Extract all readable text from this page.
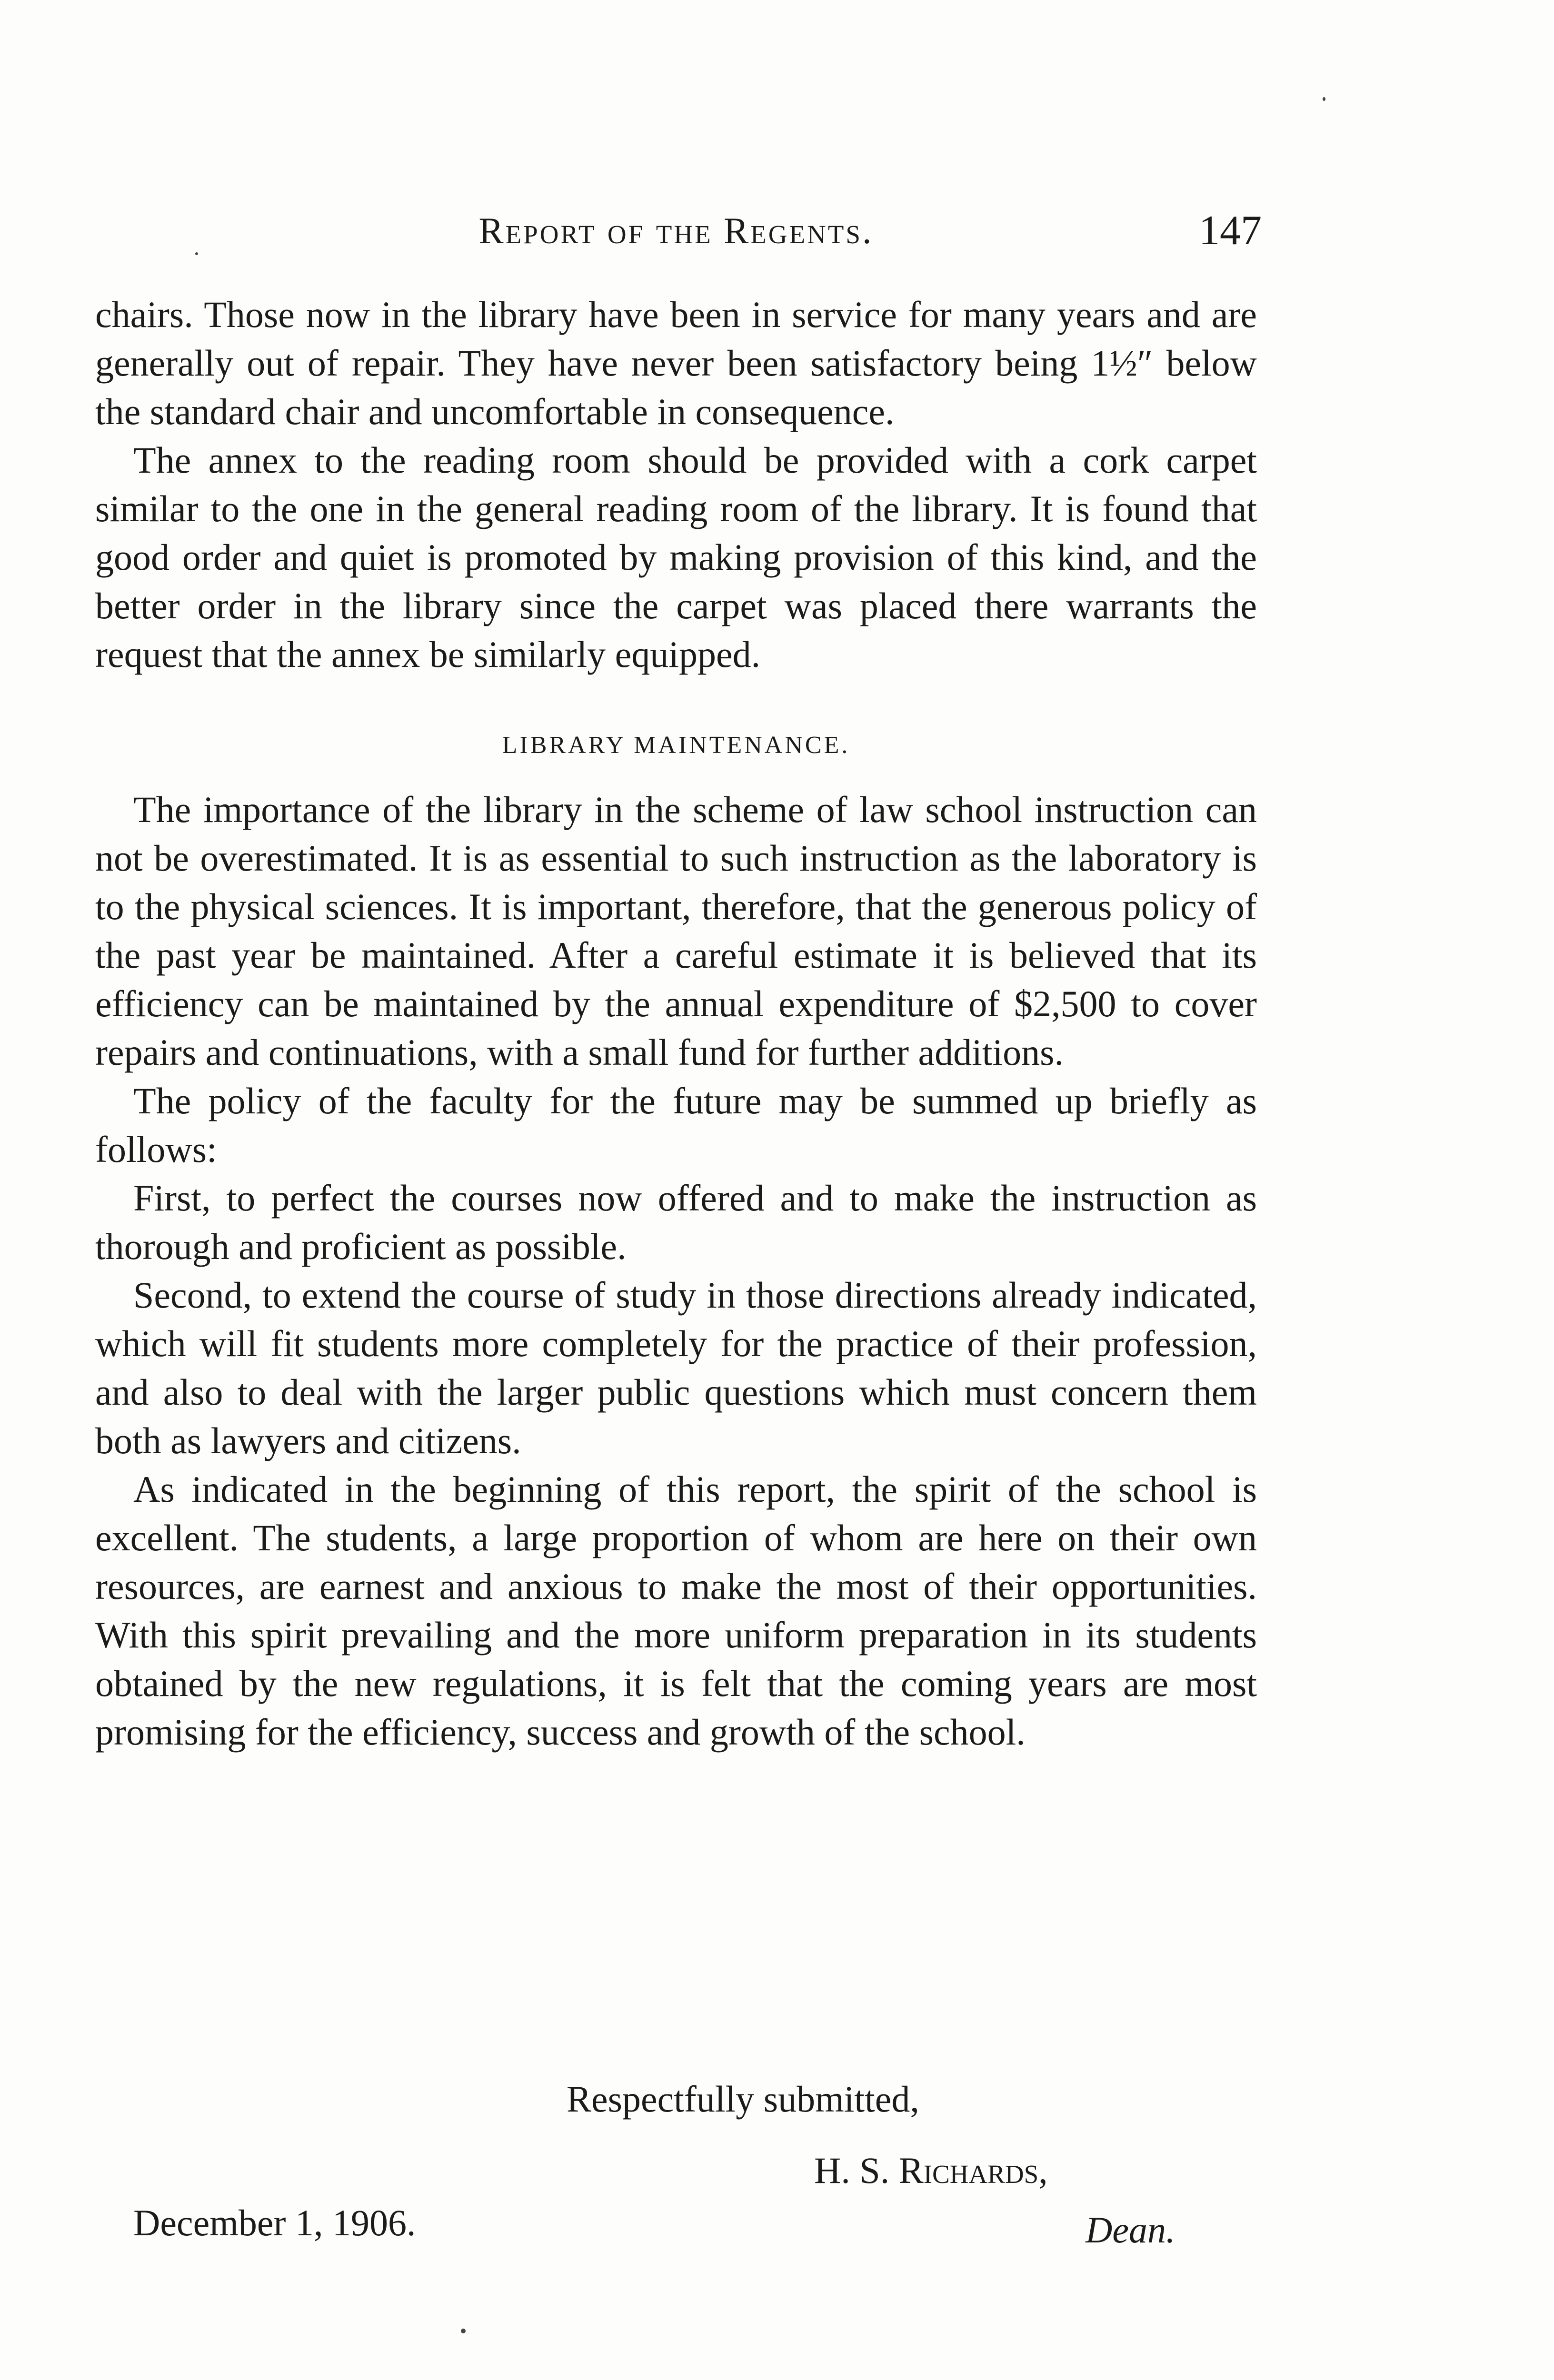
Report of the Regents.	147

chairs. Those now in the library have been in service for many years and are generally out of repair. They have never been satisfactory being 1½″ below the standard chair and uncomfortable in consequence.

The annex to the reading room should be provided with a cork carpet similar to the one in the general reading room of the library. It is found that good order and quiet is promoted by making provision of this kind, and the better order in the library since the carpet was placed there warrants the request that the annex be similarly equipped.

LIBRARY MAINTENANCE.

The importance of the library in the scheme of law school instruction can not be overestimated. It is as essential to such instruction as the laboratory is to the physical sciences. It is important, therefore, that the generous policy of the past year be maintained. After a careful estimate it is believed that its efficiency can be maintained by the annual expenditure of $2,500 to cover repairs and continuations, with a small fund for further additions.

The policy of the faculty for the future may be summed up briefly as follows:

First, to perfect the courses now offered and to make the instruction as thorough and proficient as possible.

Second, to extend the course of study in those directions already indicated, which will fit students more completely for the practice of their profession, and also to deal with the larger public questions which must concern them both as lawyers and citizens.

As indicated in the beginning of this report, the spirit of the school is excellent. The students, a large proportion of whom are here on their own resources, are earnest and anxious to make the most of their opportunities. With this spirit prevailing and the more uniform preparation in its students obtained by the new regulations, it is felt that the coming years are most promising for the efficiency, success and growth of the school.

Respectfully submitted,
H. S. Richards,
December 1, 1906.	Dean.
